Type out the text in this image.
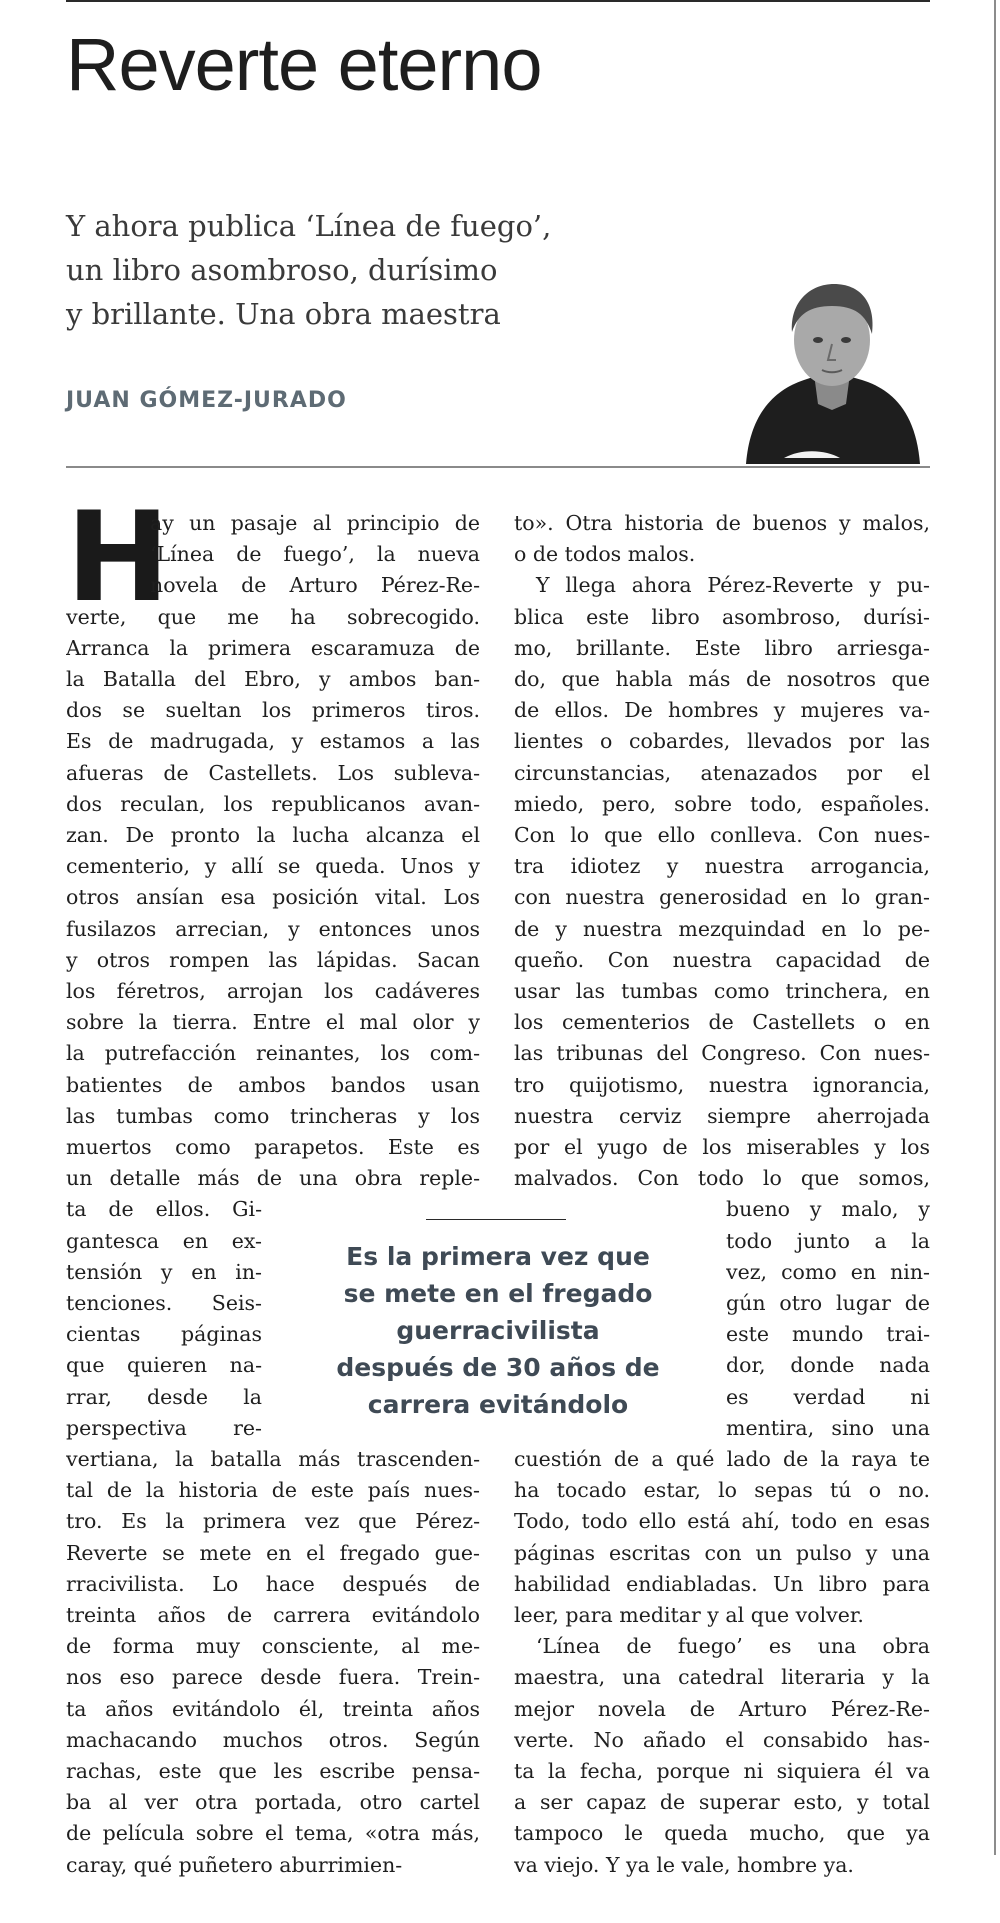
Reverte eterno
Y ahora publica ‘Línea de fuego’,
un libro asombroso, durísimo
y brillante. Una obra maestra
JUAN GÓMEZ-JURADO
H
ay un pasaje al principio de
‘Línea de fuego’, la nueva
novela de Arturo Pérez-Re-
verte, que me ha sobrecogido.
Arranca la primera escaramuza de
la Batalla del Ebro, y ambos ban-
dos se sueltan los primeros tiros.
Es de madrugada, y estamos a las
afueras de Castellets. Los subleva-
dos reculan, los republicanos avan-
zan. De pronto la lucha alcanza el
cementerio, y allí se queda. Unos y
otros ansían esa posición vital. Los
fusilazos arrecian, y entonces unos
y otros rompen las lápidas. Sacan
los féretros, arrojan los cadáveres
sobre la tierra. Entre el mal olor y
la putrefacción reinantes, los com-
batientes de ambos bandos usan
las tumbas como trincheras y los
muertos como parapetos. Este es
un detalle más de una obra reple-
ta de ellos. Gi-
gantesca en ex-
tensión y en in-
tenciones. Seis-
cientas páginas
que quieren na-
rrar, desde la
perspectiva re-
vertiana, la batalla más trascenden-
tal de la historia de este país nues-
tro. Es la primera vez que Pérez-
Reverte se mete en el fregado gue-
rracivilista. Lo hace después de
treinta años de carrera evitándolo
de forma muy consciente, al me-
nos eso parece desde fuera. Trein-
ta años evitándolo él, treinta años
machacando muchos otros. Según
rachas, este que les escribe pensa-
ba al ver otra portada, otro cartel
de película sobre el tema, «otra más,
caray, qué puñetero aburrimien-
to». Otra historia de buenos y malos,
o de todos malos.
Y llega ahora Pérez-Reverte y pu-
blica este libro asombroso, durísi-
mo, brillante. Este libro arriesga-
do, que habla más de nosotros que
de ellos. De hombres y mujeres va-
lientes o cobardes, llevados por las
circunstancias, atenazados por el
miedo, pero, sobre todo, españoles.
Con lo que ello conlleva. Con nues-
tra idiotez y nuestra arrogancia,
con nuestra generosidad en lo gran-
de y nuestra mezquindad en lo pe-
queño. Con nuestra capacidad de
usar las tumbas como trinchera, en
los cementerios de Castellets o en
las tribunas del Congreso. Con nues-
tro quijotismo, nuestra ignorancia,
nuestra cerviz siempre aherrojada
por el yugo de los miserables y los
malvados. Con todo lo que somos,
bueno y malo, y
todo junto a la
vez, como en nin-
gún otro lugar de
este mundo trai-
dor, donde nada
es verdad ni
mentira, sino una
cuestión de a qué lado de la raya te
ha tocado estar, lo sepas tú o no.
Todo, todo ello está ahí, todo en esas
páginas escritas con un pulso y una
habilidad endiabladas. Un libro para
leer, para meditar y al que volver.
‘Línea de fuego’ es una obra
maestra, una catedral literaria y la
mejor novela de Arturo Pérez-Re-
verte. No añado el consabido has-
ta la fecha, porque ni siquiera él va
a ser capaz de superar esto, y total
tampoco le queda mucho, que ya
va viejo. Y ya le vale, hombre ya.
Es la primera vez que
se mete en el fregado
guerracivilista
después de 30 años de
carrera evitándolo
